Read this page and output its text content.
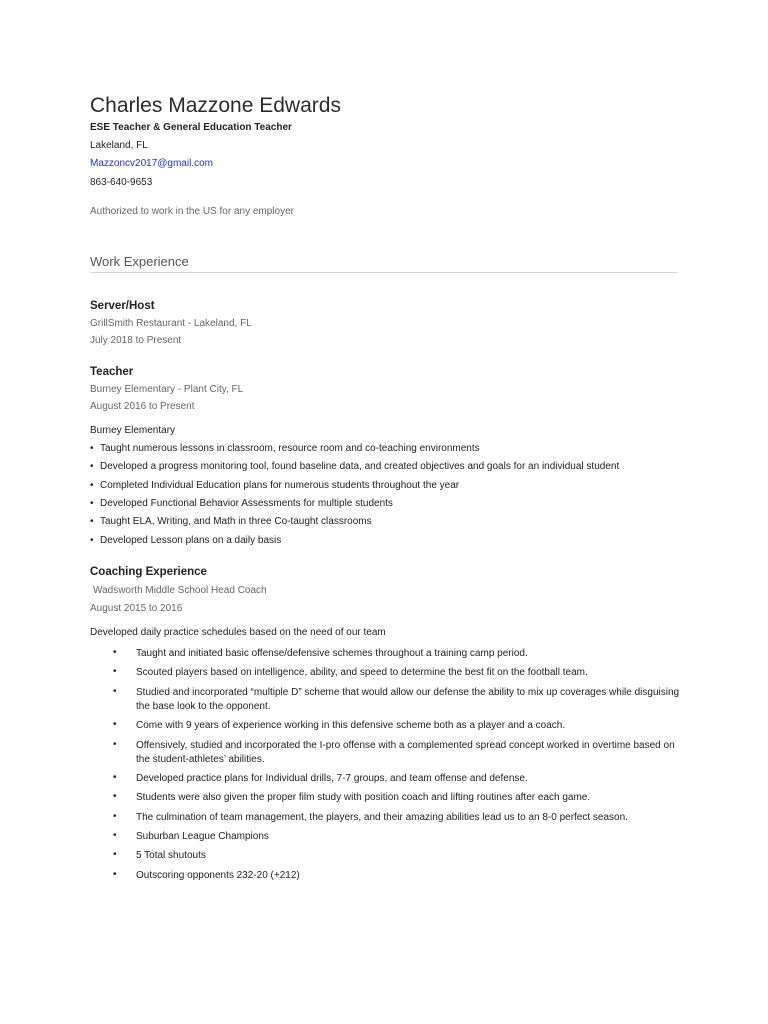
Charles Mazzone Edwards
ESE Teacher & General Education Teacher
Lakeland, FL
Mazzoncv2017@gmail.com
863-640-9653
Authorized to work in the US for any employer
Work Experience
Server/Host
GrillSmith Restaurant - Lakeland, FL
July 2018 to Present
Teacher
Burney Elementary - Plant City, FL
August 2016 to Present
Burney Elementary
• Taught numerous lessons in classroom, resource room and co-teaching environments
• Developed a progress monitoring tool, found baseline data, and created objectives and goals for an individual student
• Completed Individual Education plans for numerous students throughout the year
• Developed Functional Behavior Assessments for multiple students
• Taught ELA, Writing, and Math in three Co-taught classrooms
• Developed Lesson plans on a daily basis
Coaching Experience
Wadsworth Middle School Head Coach
August 2015 to 2016
Developed daily practice schedules based on the need of our team
• Taught and initiated basic offense/defensive schemes throughout a training camp period.
• Scouted players based on intelligence, ability, and speed to determine the best fit on the football team.
• Studied and incorporated “multiple D” scheme that would allow our defense the ability to mix up coverages while disguising the base look to the opponent.
• Come with 9 years of experience working in this defensive scheme both as a player and a coach.
• Offensively, studied and incorporated the I-pro offense with a complemented spread concept worked in overtime based on the student-athletes’ abilities.
• Developed practice plans for Individual drills, 7-7 groups, and team offense and defense.
• Students were also given the proper film study with position coach and lifting routines after each game.
• The culmination of team management, the players, and their amazing abilities lead us to an 8-0 perfect season.
• Suburban League Champions
• 5 Total shutouts
• Outscoring opponents 232-20 (+212)
